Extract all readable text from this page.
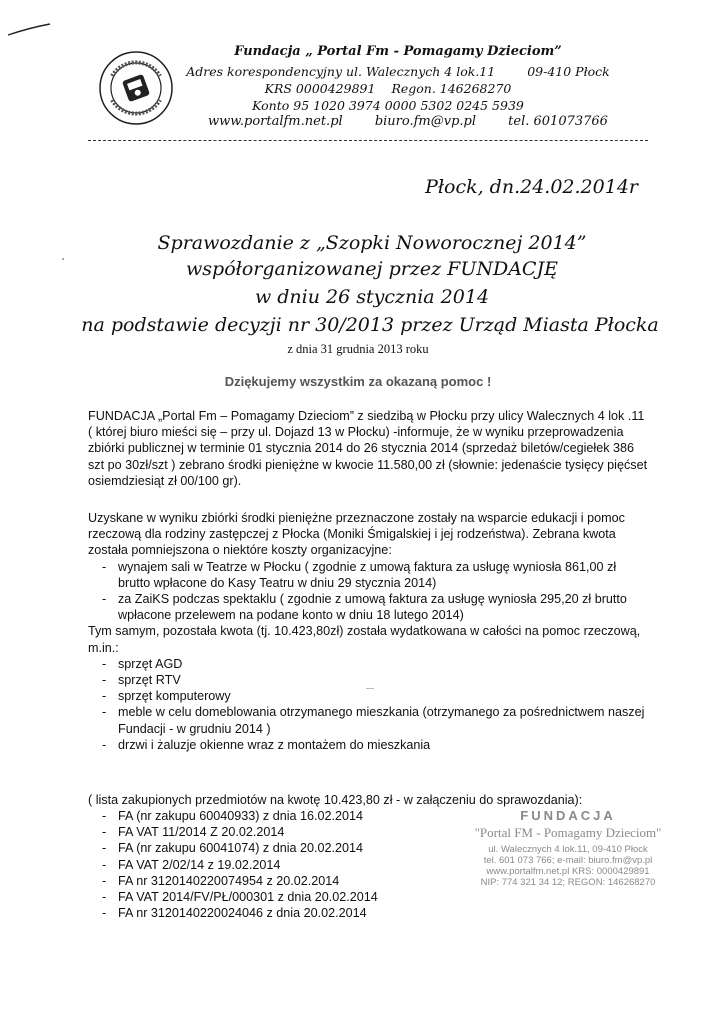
Fundacja „ Portal Fm - Pomagamy Dzieciom”
Adres korespondencyjny ul. Walecznych 4 lok.11	09-410 Płock
KRS 0000429891 Regon. 146268270
Konto 95 1020 3974 0000 5302 0245 5939
www.portalfm.net.pl biuro.fm@vp.pl tel. 601073766
Płock, dn.24.02.2014r
Sprawozdanie z „Szopki Noworocznej 2014”
współorganizowanej przez FUNDACJĘ
w dniu 26 stycznia 2014
na podstawie decyzji nr 30/2013 przez Urząd Miasta Płocka
z dnia 31 grudnia 2013 roku
Dziękujemy wszystkim za okazaną pomoc !
FUNDACJA „Portal Fm – Pomagamy Dzieciom” z siedzibą w Płocku przy ulicy Walecznych 4 lok .11 ( której biuro mieści się – przy ul. Dojazd 13 w Płocku) -informuje, że w wyniku przeprowadzenia zbiórki publicznej w terminie 01 stycznia 2014 do 26 stycznia 2014 (sprzedaż biletów/cegiełek 386 szt po 30zł/szt ) zebrano środki pieniężne w kwocie 11.580,00 zł (słownie: jedenaście tysięcy pięćset osiemdziesiąt zł 00/100 gr).
Uzyskane w wyniku zbiórki środki pieniężne przeznaczone zostały na wsparcie edukacji i pomoc rzeczową dla rodziny zastępczej z Płocka (Moniki Śmigalskiej i jej rodzeństwa). Zebrana kwota została pomniejszona o niektóre koszty organizacyjne:
- wynajem sali w Teatrze w Płocku ( zgodnie z umową faktura za usługę wyniosła 861,00 zł brutto wpłacone do Kasy Teatru w dniu 29 stycznia 2014)
- za ZaiKS podczas spektaklu ( zgodnie z umową faktura za usługę wyniosła 295,20 zł brutto wpłacone przelewem na podane konto w dniu 18 lutego 2014)
Tym samym, pozostała kwota (tj. 10.423,80zł) została wydatkowana w całości na pomoc rzeczową, m.in.:
- sprzęt AGD
- sprzęt RTV
- sprzęt komputerowy
- meble w celu domeblowania otrzymanego mieszkania (otrzymanego za pośrednictwem naszej Fundacji - w grudniu 2014 )
- drzwi i żaluzje okienne wraz z montażem do mieszkania
( lista zakupionych przedmiotów na kwotę 10.423,80 zł - w załączeniu do sprawozdania):
- FA (nr zakupu 60040933) z dnia 16.02.2014
- FA VAT 11/2014 Z 20.02.2014
- FA (nr zakupu 60041074) z dnia 20.02.2014
- FA VAT 2/02/14 z 19.02.2014
- FA nr 3120140220074954 z 20.02.2014
- FA VAT 2014/FV/PŁ/000301 z dnia 20.02.2014
- FA nr 3120140220024046 z dnia 20.02.2014
FUNDACJA
"Portal FM - Pomagamy Dzieciom"
ul. Walecznych 4 lok.11, 09-410 Płock
tel. 601 073 766; e-mail: biuro.fm@vp.pl
www.portalfm.net.pl KRS: 0000429891
NIP: 774 321 34 12; REGON: 146268270
